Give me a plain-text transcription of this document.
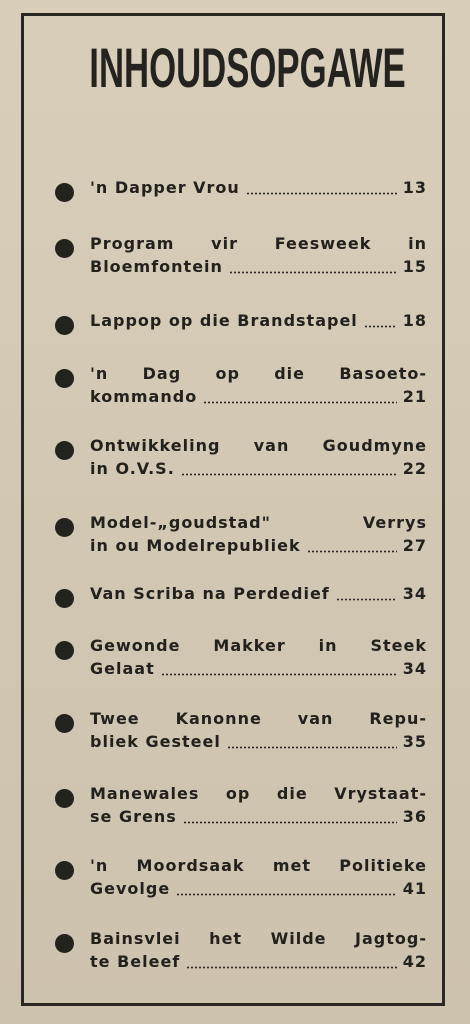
INHOUDSOPGAWE
'n Dapper Vrou	13
Program vir Feesweek in
Bloemfontein	15
Lappop op die Brandstapel	18
'n Dag op die Basoeto-
kommando	21
Ontwikkeling van Goudmyne
in O.V.S.	22
Model-„goudstad"	Verrys
in ou Modelrepubliek	27
Van Scriba na Perdedief	34
Gewonde Makker in Steek
Gelaat	34
Twee Kanonne van Repu-
bliek Gesteel	35
Manewales op die Vrystaat-
se Grens	36
'n Moordsaak met Politieke
Gevolge	41
Bainsvlei het Wilde Jagtog-
te Beleef	42
